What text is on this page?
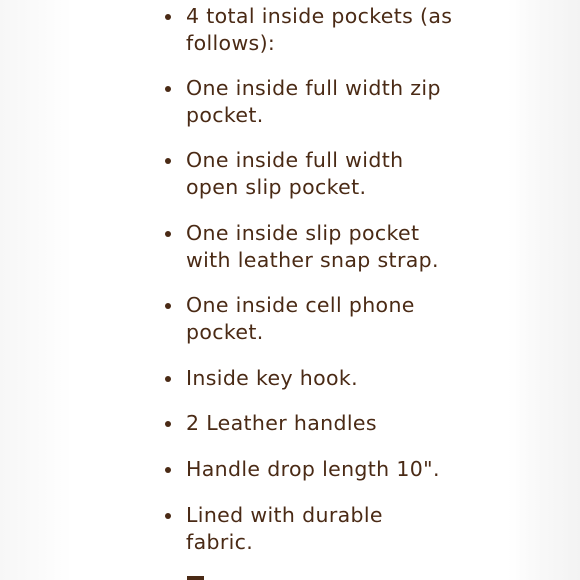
4 total inside pockets (as
follows):
One inside full width zip
pocket.
One inside full width
open slip pocket.
One inside slip pocket
with leather snap strap.
One inside cell phone
pocket.
Inside key hook.
2 Leather handles
Handle drop length 10".
Lined with durable
fabric.
